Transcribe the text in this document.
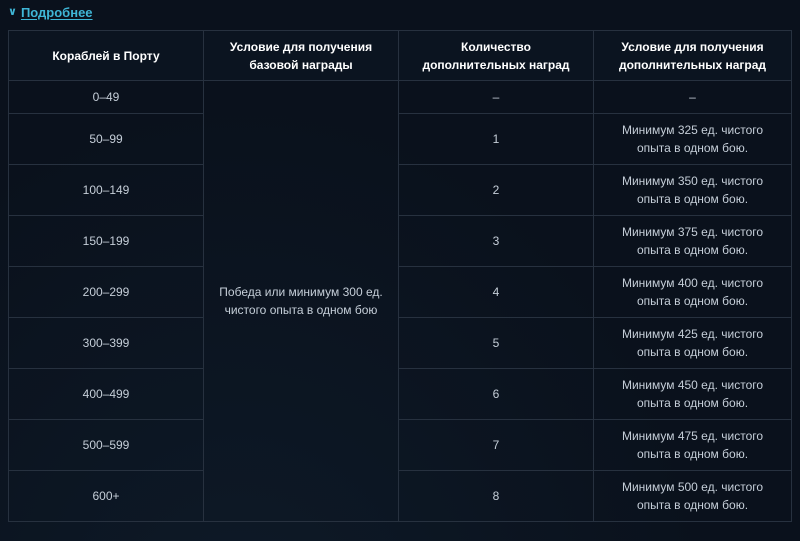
∨ Подробнее
Кораблей в Порту	Условие для получения базовой награды	Количество дополнительных наград	Условие для получения дополнительных наград
0–49	Победа или минимум 300 ед. чистого опыта в одном бою	–	–
50–99		1	Минимум 325 ед. чистого опыта в одном бою.
100–149		2	Минимум 350 ед. чистого опыта в одном бою.
150–199		3	Минимум 375 ед. чистого опыта в одном бою.
200–299		4	Минимум 400 ед. чистого опыта в одном бою.
300–399		5	Минимум 425 ед. чистого опыта в одном бою.
400–499		6	Минимум 450 ед. чистого опыта в одном бою.
500–599		7	Минимум 475 ед. чистого опыта в одном бою.
600+		8	Минимум 500 ед. чистого опыта в одном бою.
